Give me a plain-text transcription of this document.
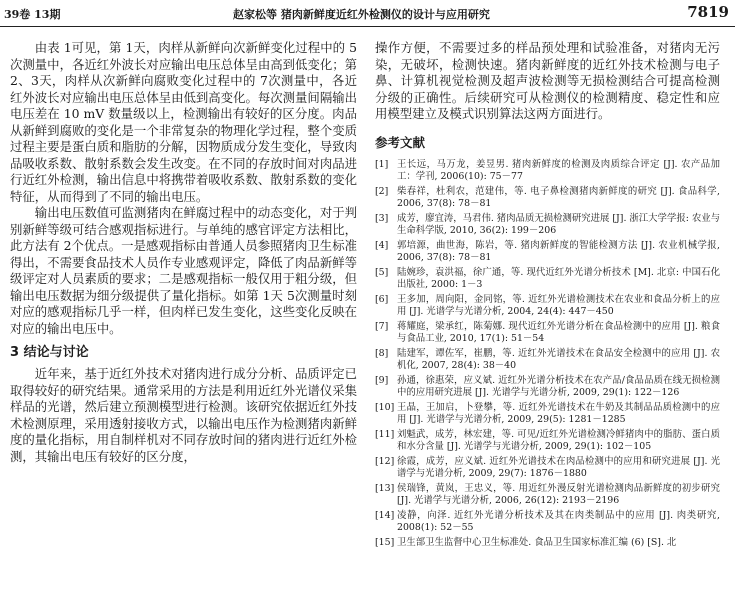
39卷 13期	赵家松等 猪肉新鲜度近红外检测仪的设计与应用研究	7819

由表 1可见，第 1天，肉样从新鲜向次新鲜变化过程中的 5次测量中，各近红外波长对应输出电压总体呈由高到低变化；第 2、3天，肉样从次新鲜向腐败变化过程中的 7次测量中，各近红外波长对应输出电压总体呈由低到高变化。每次测量间隔输出电压差在 10 mV 数量级以上，检测输出有较好的区分度。肉品从新鲜到腐败的变化是一个非常复杂的物理化学过程，整个变质过程主要是蛋白质和脂肪的分解，因物质成分发生变化，导致肉品吸收系数、散射系数会发生改变。在不同的存放时间对肉品进行近红外检测，输出信息中将携带着吸收系数、散射系数的变化特征，从而得到了不同的输出电压。

输出电压数值可监测猪肉在鲜腐过程中的动态变化，对于判别新鲜等级可结合感观指标进行。与单纯的感官评定方法相比，此方法有 2个优点。一是感观指标由普通人员参照猪肉卫生标准得出，不需要食品技术人员作专业感观评定，降低了肉品新鲜等级评定对人员素质的要求；二是感观指标一般仅用于粗分级，但输出电压数据为细分级提供了量化指标。如第 1天 5次测量时刻对应的感观指标几乎一样，但肉样已发生变化，这些变化反映在对应的输出电压中。

3 结论与讨论

近年来，基于近红外技术对猪肉进行成分分析、品质评定已取得较好的研究结果。通常采用的方法是利用近红外光谱仪采集样品的光谱，然后建立预测模型进行检测。该研究依据近红外技术检测原理，采用透射接收方式，以输出电压作为检测猪肉新鲜度的量化指标，用自制样机对不同存放时间的猪肉进行近红外检测，其输出电压有较好的区分度，

操作方便，不需要过多的样品预处理和试验准备，对猪肉无污染，无破坏，检测快速。猪肉新鲜度的近红外技术检测与电子鼻、计算机视觉检测及超声波检测等无损检测结合可提高检测分级的正确性。后续研究可从检测仪的检测精度、稳定性和应用模型建立及模式识别算法这两方面进行。

参考文献
[1] 王长远，马万龙，姜昱男. 猪肉新鲜度的检测及肉质综合评定 [J]. 农产品加工：学刊, 2006(10): 75－77
[2] 柴春祥，杜利农，范建伟，等. 电子鼻检测猪肉新鲜度的研究 [J]. 食品科学, 2006, 37(8): 78－81
[3] 成芳，廖宜涛，马君伟. 猪肉品质无损检测研究进展 [J]. 浙江大学学报: 农业与生命科学版, 2010, 36(2): 199－206
[4] 郭培源，曲世海，陈岩，等. 猪肉新鲜度的智能检测方法 [J]. 农业机械学报, 2006, 37(8): 78－81
[5] 陆婉珍，袁洪福，徐广通，等. 现代近红外光谱分析技术 [M]. 北京: 中国石化出版社, 2000: 1－3
[6] 王多加，周向阳，金同铭，等. 近红外光谱检测技术在农业和食品分析上的应用 [J]. 光谱学与光谱分析, 2004, 24(4): 447－450
[7] 蒋耀庭，梁承红，陈菊娜. 现代近红外光谱分析在食品检测中的应用 [J]. 粮食与食品工业, 2010, 17(1): 51－54
[8] 陆建军，谭佐军，崔鹏，等. 近红外光谱技术在食品安全检测中的应用 [J]. 农机化, 2007, 28(4): 38－40
[9] 孙通，徐惠荣，应义斌. 近红外光谱分析技术在农产品/食品品质在线无损检测中的应用研究进展 [J]. 光谱学与光谱分析, 2009, 29(1): 122－126
[10] 王晶，王加启，卜登攀，等. 近红外光谱技术在牛奶及其制品品质检测中的应用 [J]. 光谱学与光谱分析, 2009, 29(5): 1281－1285
[11] 刘魁武，成芳，林宏建，等. 可见/近红外光谱检测冷鲜猪肉中的脂肪、蛋白质和水分含量 [J]. 光谱学与光谱分析, 2009, 29(1): 102－105
[12] 徐霞，成芳，应义斌. 近红外光谱技术在肉品检测中的应用和研究进展 [J]. 光谱学与光谱分析, 2009, 29(7): 1876－1880
[13] 侯瑞锋，黄岚，王忠义，等. 用近红外漫反射光谱检测肉品新鲜度的初步研究 [J]. 光谱学与光谱分析, 2006, 26(12): 2193－2196
[14] 凌静，向泽. 近红外光谱分析技术及其在肉类制品中的应用 [J]. 肉类研究, 2008(1): 52－55
[15] 卫生部卫生监督中心卫生标准处. 食品卫生国家标准汇编 (6) [S]. 北
